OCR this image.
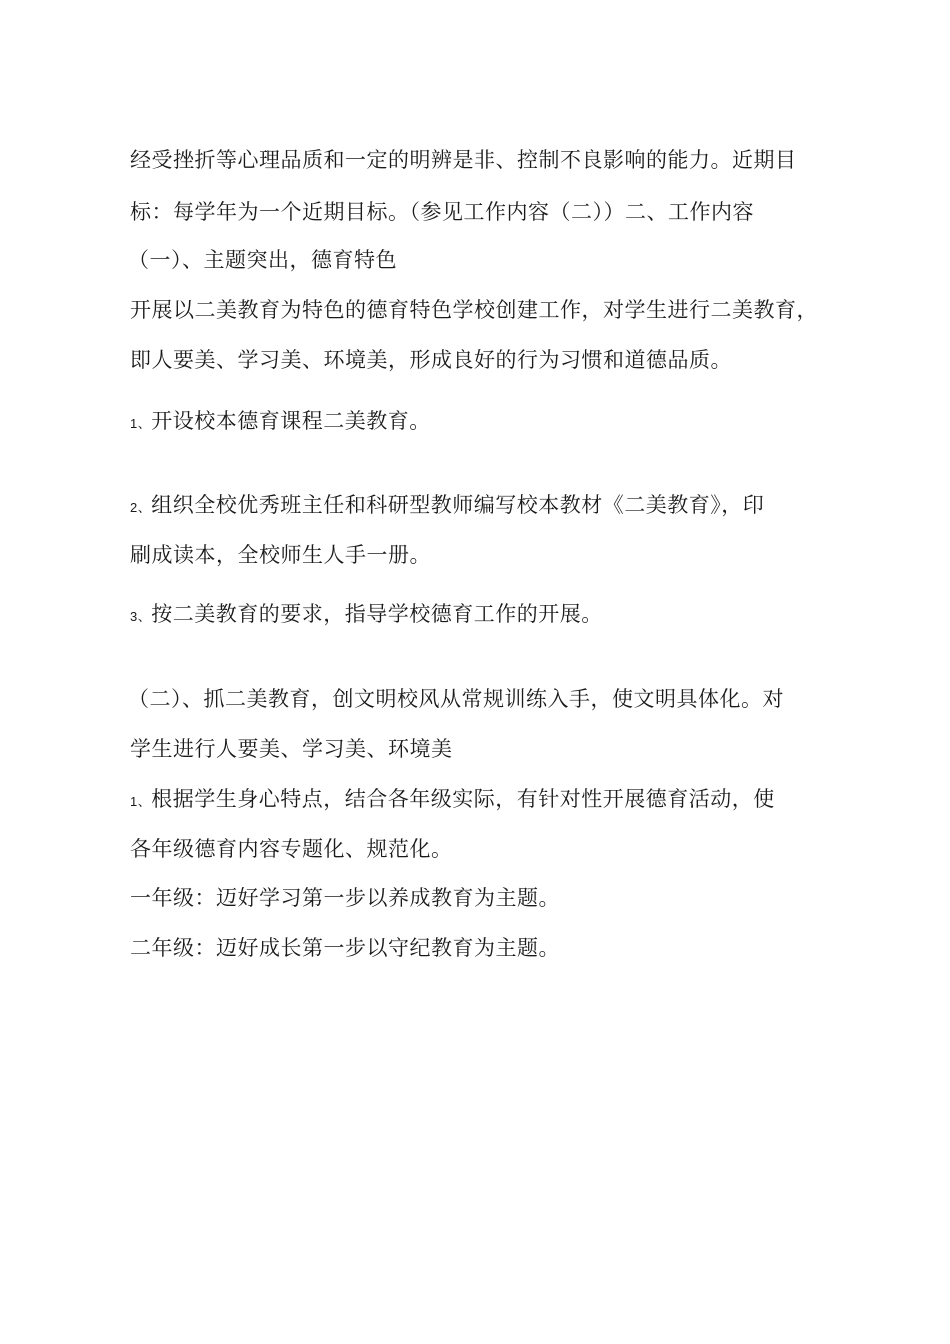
经受挫折等心理品质和一定的明辨是非、控制不良影响的能力。近期目
标：每学年为一个近期目标。（参见工作内容（二））二、工作内容
（一）、主题突出，德育特色
开展以二美教育为特色的德育特色学校创建工作，对学生进行二美教育，
即人要美、学习美、环境美，形成良好的行为习惯和道德品质。
1、开设校本德育课程二美教育。
2、组织全校优秀班主任和科研型教师编写校本教材《二美教育》，印
刷成读本，全校师生人手一册。
3、按二美教育的要求，指导学校德育工作的开展。
（二）、抓二美教育，创文明校风从常规训练入手，使文明具体化。对
学生进行人要美、学习美、环境美
1、根据学生身心特点，结合各年级实际，有针对性开展德育活动，使
各年级德育内容专题化、规范化。
一年级：迈好学习第一步以养成教育为主题。
二年级：迈好成长第一步以守纪教育为主题。
